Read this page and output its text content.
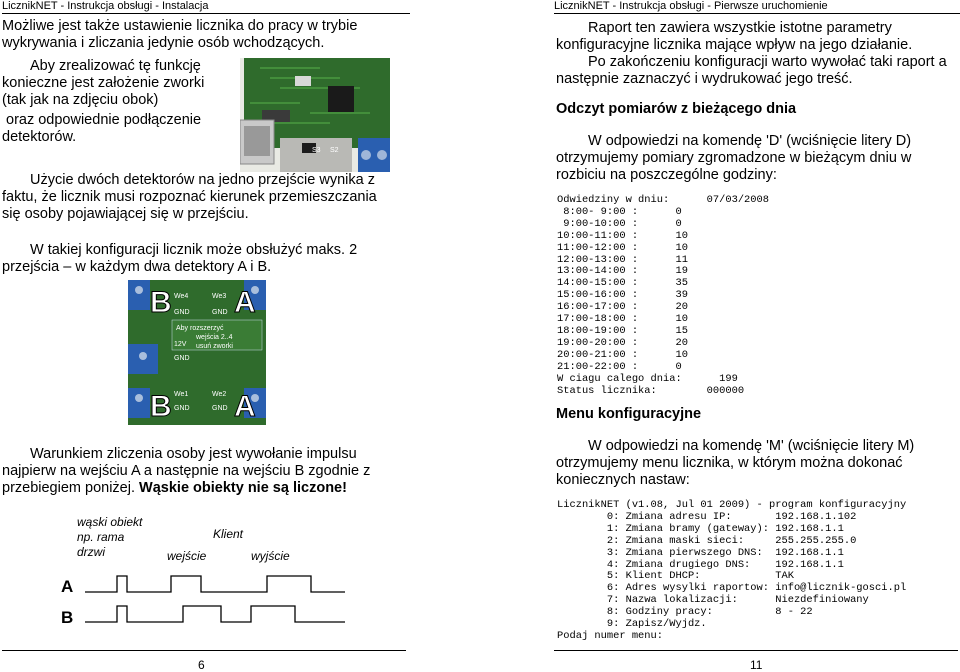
LicznikNET - Instrukcja obsługi - Instalacja

Możliwe jest także ustawienie licznika do pracy w trybie wykrywania i zliczania jedynie osób wchodzących.

Aby zrealizować tę funkcję konieczne jest założenie zworki (tak jak na zdjęciu obok)

oraz odpowiednie podłączenie detektorów.

S3 S2

Użycie dwóch detektorów na jedno przejście wynika z faktu, że licznik musi rozpoznać kierunek przemieszczania się osoby pojawiającej się w przejściu.

W takiej konfiguracji licznik może obsłużyć maks. 2 przejścia – w każdym dwa detektory A i B.

We4
GND
We3
GND
Aby rozszerzyć
wejścia 2..4
usuń zworki
12V
GND
We1
GND
We2
GND
B A
B A

Warunkiem zliczenia osoby jest wywołanie impulsu najpierw na wejściu A a następnie na wejściu B zgodnie z przebiegiem poniżej. Wąskie obiekty nie są liczone!

wąski obiekt
np. rama
drzwi
Klient
wejście	wyjście
A
B
6
LicznikNET - Instrukcja obsługi - Pierwsze uruchomienie

Raport ten zawiera wszystkie istotne parametry konfiguracyjne licznika mające wpływ na jego działanie.

Po zakończeniu konfiguracji warto wywołać taki raport a następnie zaznaczyć i wydrukować jego treść.

Odczyt pomiarów z bieżącego dnia

W odpowiedzi na komendę 'D' (wciśnięcie litery D) otrzymujemy pomiary zgromadzone w bieżącym dniu w rozbiciu na poszczególne godziny:

Odwiedziny w dniu:      07/03/2008
8:00- 9:00 :      0
9:00-10:00 :      0
10:00-11:00 :      10
11:00-12:00 :      10
12:00-13:00 :      11
13:00-14:00 :      19
14:00-15:00 :      35
15:00-16:00 :      39
16:00-17:00 :      20
17:00-18:00 :      10
18:00-19:00 :      15
19:00-20:00 :      20
20:00-21:00 :      10
21:00-22:00 :      0
W ciagu calego dnia:      199
Status licznika:        000000
Menu konfiguracyjne

W odpowiedzi na komendę 'M' (wciśnięcie litery M) otrzymujemy menu licznika, w którym można dokonać koniecznych nastaw:

LicznikNET (v1.08, Jul 01 2009) - program konfiguracyjny
0: Zmiana adresu IP:       192.168.1.102
1: Zmiana bramy (gateway): 192.168.1.1
2: Zmiana maski sieci:     255.255.255.0
3: Zmiana pierwszego DNS:  192.168.1.1
4: Zmiana drugiego DNS:    192.168.1.1
5: Klient DHCP:            TAK
6: Adres wysylki raportow: info@licznik-gosci.pl
7: Nazwa lokalizacji:      Niezdefiniowany
8: Godziny pracy:          8 - 22
9: Zapisz/Wyjdz.
Podaj numer menu:
11
